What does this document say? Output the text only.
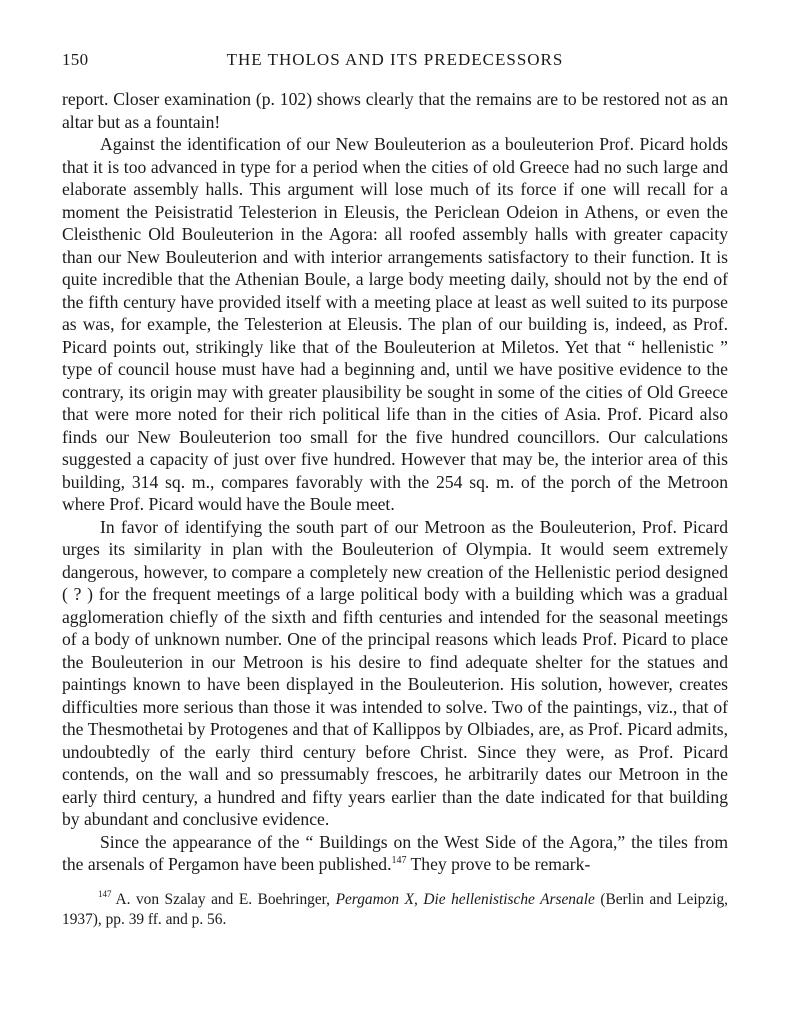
150	THE THOLOS AND ITS PREDECESSORS

report. Closer examination (p. 102) shows clearly that the remains are to be restored not as an altar but as a fountain!

Against the identification of our New Bouleuterion as a bouleuterion Prof. Picard holds that it is too advanced in type for a period when the cities of old Greece had no such large and elaborate assembly halls. This argument will lose much of its force if one will recall for a moment the Peisistratid Telesterion in Eleusis, the Periclean Odeion in Athens, or even the Cleisthenic Old Bouleuterion in the Agora: all roofed assembly halls with greater capacity than our New Bouleuterion and with interior arrangements satisfactory to their function. It is quite incredible that the Athenian Boule, a large body meeting daily, should not by the end of the fifth century have provided itself with a meeting place at least as well suited to its purpose as was, for example, the Telesterion at Eleusis. The plan of our building is, indeed, as Prof. Picard points out, strikingly like that of the Bouleuterion at Miletos. Yet that “ hellenistic ” type of council house must have had a beginning and, until we have positive evidence to the contrary, its origin may with greater plausibility be sought in some of the cities of Old Greece that were more noted for their rich political life than in the cities of Asia. Prof. Picard also finds our New Bouleuterion too small for the five hundred councillors. Our calculations suggested a capacity of just over five hundred. However that may be, the interior area of this building, 314 sq. m., compares favorably with the 254 sq. m. of the porch of the Metroon where Prof. Picard would have the Boule meet.

In favor of identifying the south part of our Metroon as the Bouleuterion, Prof. Picard urges its similarity in plan with the Bouleuterion of Olympia. It would seem extremely dangerous, however, to compare a completely new creation of the Hellenistic period designed ( ? ) for the frequent meetings of a large political body with a building which was a gradual agglomeration chiefly of the sixth and fifth centuries and intended for the seasonal meetings of a body of unknown number. One of the principal reasons which leads Prof. Picard to place the Bouleuterion in our Metroon is his desire to find adequate shelter for the statues and paintings known to have been displayed in the Bouleuterion. His solution, however, creates difficulties more serious than those it was intended to solve. Two of the paintings, viz., that of the Thesmothetai by Protogenes and that of Kallippos by Olbiades, are, as Prof. Picard admits, undoubtedly of the early third century before Christ. Since they were, as Prof. Picard contends, on the wall and so pressumably frescoes, he arbitrarily dates our Metroon in the early third century, a hundred and fifty years earlier than the date indicated for that building by abundant and conclusive evidence.

Since the appearance of the “ Buildings on the West Side of the Agora,” the tiles from the arsenals of Pergamon have been published.$^{147}$ They prove to be remark-

$^{147}$ A. von Szalay and E. Boehringer, Pergamon X, Die hellenistische Arsenale (Berlin and Leipzig, 1937), pp. 39 ff. and p. 56.
